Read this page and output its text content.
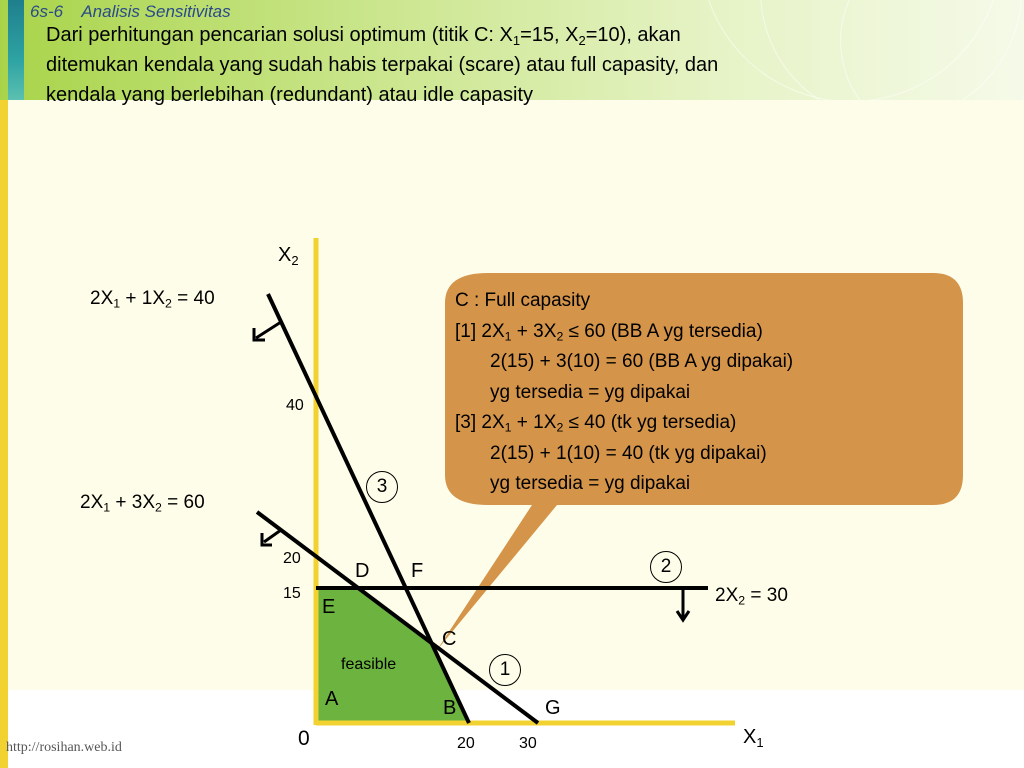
6s-6 Analisis Sensitivitas

Dari perhitungan pencarian solusi optimum (titik C: $X_1=15$, $X_2=10$), akan

ditemukan kendala yang sudah habis terpakai (scare) atau full capasity, dan

kendala yang berlebihan (redundant) atau idle capasity

C : Full capasity
[1] $2X_1 + 3X_2 \le 60$ (BB A yg tersedia)
2(15) + 3(10) = 60 (BB A yg dipakai)
yg tersedia = yg dipakai
[3] $2X_1 + 1X_2 \le 40$ (tk yg tersedia)
2(15) + 1(10) = 40 (tk yg dipakai)
yg tersedia = yg dipakai
$X_2$
$X_1$
0
40
20
15
20	30
$2X_1 + 1X_2 = 40$
$2X_1 + 3X_2 = 60$
$2X_2 = 30$
D F
E
C
A	B	G
feasible
3
2
1
http://rosihan.web.id
